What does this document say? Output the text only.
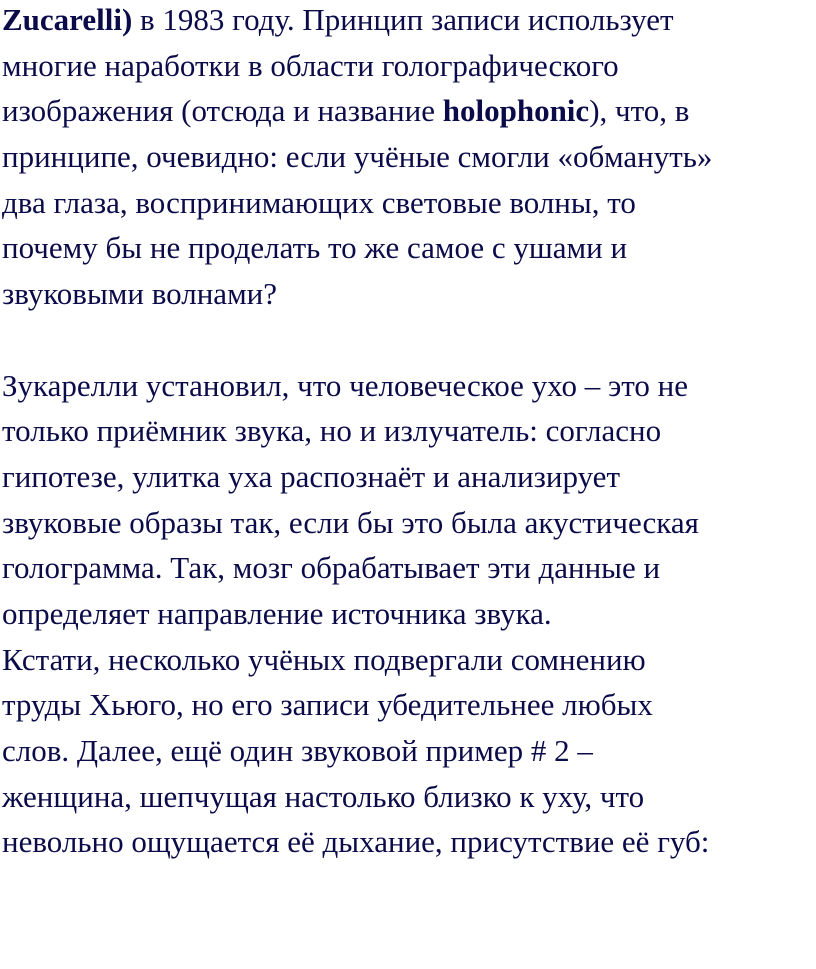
Zucarelli) в 1983 году. Принцип записи использует
многие наработки в области голографического
изображения (отсюда и название holophonic), что, в
принципе, очевидно: если учёные смогли «обмануть»
два глаза, воспринимающих световые волны, то
почему бы не проделать то же самое с ушами и
звуковыми волнами?

Зукарелли установил, что человеческое ухо – это не
только приёмник звука, но и излучатель: согласно
гипотезе, улитка уха распознаёт и анализирует
звуковые образы так, если бы это была акустическая
голограмма. Так, мозг обрабатывает эти данные и
определяет направление источника звука.

Кстати, несколько учёных подвергали сомнению
труды Хьюго, но его записи убедительнее любых
слов. Далее, ещё один звуковой пример # 2 –
женщина, шепчущая настолько близко к уху, что
невольно ощущается её дыхание, присутствие её губ:
